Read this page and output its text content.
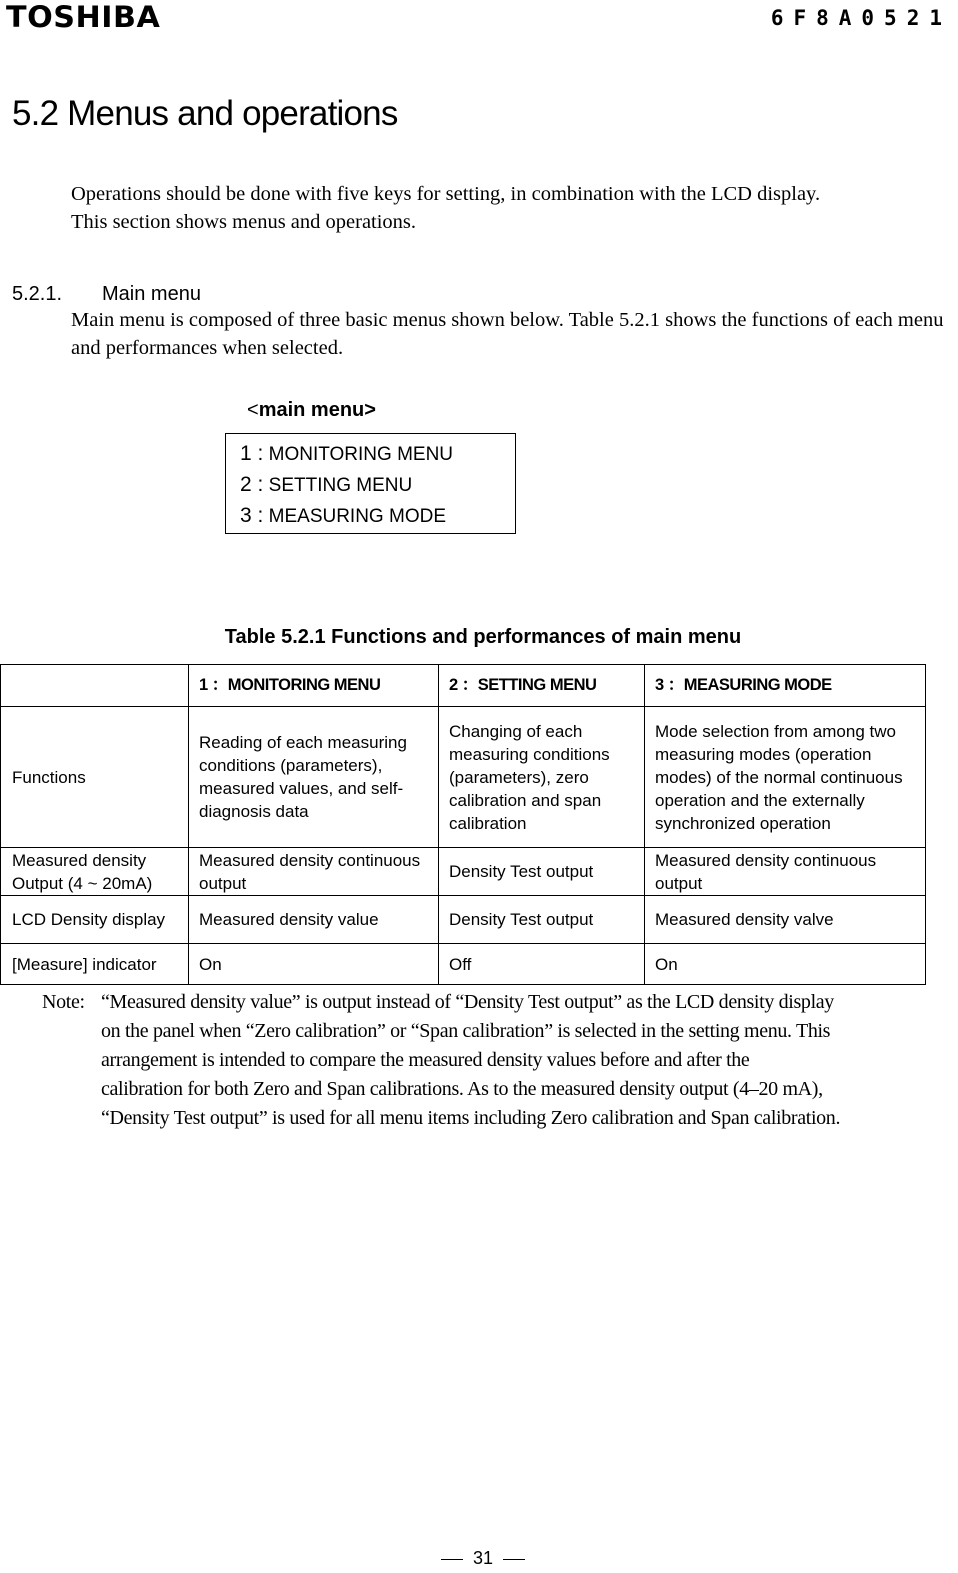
TOSHIBA	6F8A0521
5.2 Menus and operations
Operations should be done with five keys for setting, in combination with the LCD display.
This section shows menus and operations.
5.2.1. Main menu
Main menu is composed of three basic menus shown below. Table 5.2.1 shows the functions of each menu and performances when selected.
<main menu>
1 : MONITORING MENU
2 : SETTING MENU
3 : MEASURING MODE
Table 5.2.1 Functions and performances of main menu
	1 ：MONITORING MENU	2 ：SETTING MENU	3 ：MEASURING MODE
Functions	Reading of each measuring conditions (parameters), measured values, and self-diagnosis data	Changing of each measuring conditions (parameters), zero calibration and span calibration	Mode selection from among two measuring modes (operation modes) of the normal continuous operation and the externally synchronized operation
Measured density Output (4 ~ 20mA)	Measured density continuous output	Density Test output	Measured density continuous output
LCD Density display	Measured density value	Density Test output	Measured density valve
[Measure] indicator	On	Off	On
Note: “Measured density value” is output instead of “Density Test output” as the LCD density display
on the panel when “Zero calibration” or “Span calibration” is selected in the setting menu. This
arrangement is intended to compare the measured density values before and after the
calibration for both Zero and Span calibrations. As to the measured density output (4–20 mA),
“Density Test output” is used for all menu items including Zero calibration and Span calibration.
31
